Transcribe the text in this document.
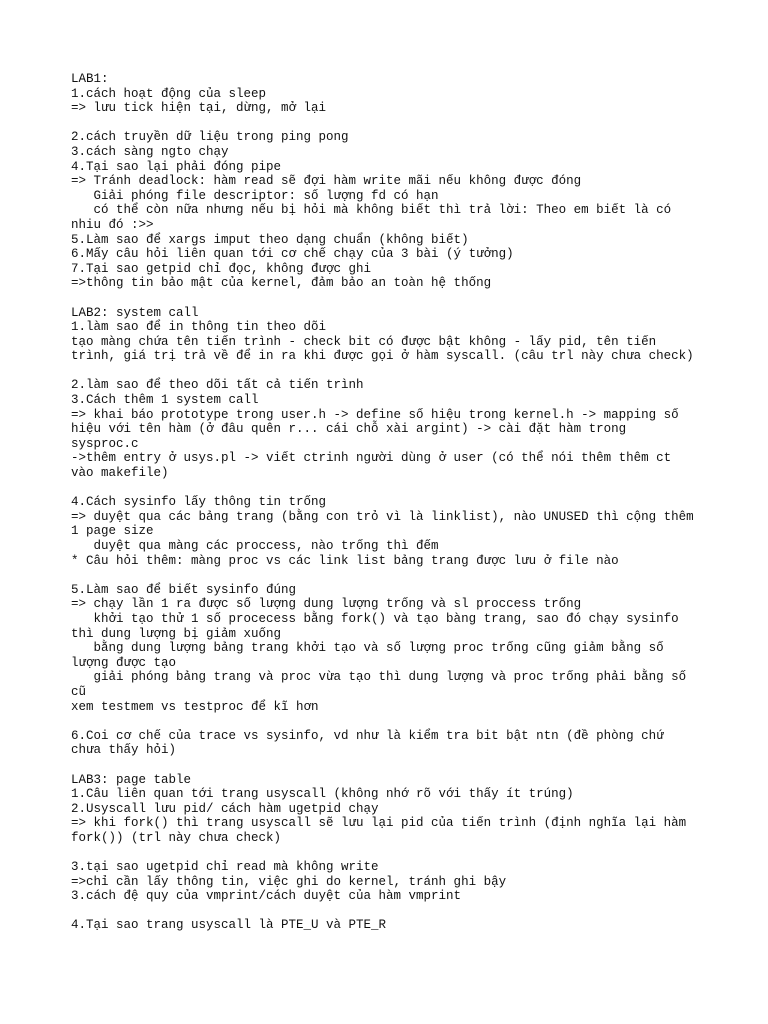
LAB1:
1.cách hoạt động của sleep
=> lưu tick hiện tại, dừng, mở lại
2.cách truyền dữ liệu trong ping pong
3.cách sàng ngto chạy
4.Tại sao lại phải đóng pipe
=> Tránh deadlock: hàm read sẽ đợi hàm write mãi nếu không được đóng
Giải phóng file descriptor: số lượng fd có hạn
có thể còn nữa nhưng nếu bị hỏi mà không biết thì trả lời: Theo em biết là có
nhiu đó :>>
5.Làm sao để xargs imput theo dạng chuẩn (không biết)
6.Mấy câu hỏi liên quan tới cơ chế chạy của 3 bài (ý tưởng)
7.Tại sao getpid chỉ đọc, không được ghi
=>thông tin bảo mật của kernel, đảm bảo an toàn hệ thống
LAB2: system call
1.làm sao để in thông tin theo dõi
tạo màng chứa tên tiến trình - check bit có được bật không - lấy pid, tên tiến
trình, giá trị trả về để in ra khi được gọi ở hàm syscall. (câu trl này chưa check)
2.làm sao để theo dõi tất cả tiến trình
3.Cách thêm 1 system call
=> khai báo prototype trong user.h -> define số hiệu trong kernel.h -> mapping số
hiệu với tên hàm (ở đâu quên r... cái chỗ xài argint) -> cài đặt hàm trong
sysproc.c
->thêm entry ở usys.pl -> viết ctrinh người dùng ở user (có thể nói thêm thêm ct
vào makefile)
4.Cách sysinfo lấy thông tin trống
=> duyệt qua các bảng trang (bằng con trỏ vì là linklist), nào UNUSED thì cộng thêm
1 page size
duyệt qua màng các proccess, nào trống thì đếm
* Câu hỏi thêm: màng proc vs các link list bảng trang được lưu ở file nào
5.Làm sao để biết sysinfo đúng
=> chạy lần 1 ra được số lượng dung lượng trống và sl proccess trống
khởi tạo thử 1 số procecess bằng fork() và tạo bàng trang, sao đó chạy sysinfo
thì dung lượng bị giảm xuống
bằng dung lượng bảng trang khởi tạo và số lượng proc trống cũng giảm bằng số
lượng được tạo
giải phóng bảng trang và proc vừa tạo thì dung lượng và proc trống phải bằng số
cũ
xem testmem vs testproc để kĩ hơn
6.Coi cơ chế của trace vs sysinfo, vd như là kiểm tra bit bật ntn (đề phòng chứ
chưa thấy hỏi)
LAB3: page table
1.Câu liên quan tới trang usyscall (không nhớ rõ với thấy ít trúng)
2.Usyscall lưu pid/ cách hàm ugetpid chạy
=> khi fork() thì trang usyscall sẽ lưu lại pid của tiến trình (định nghĩa lại hàm
fork()) (trl này chưa check)
3.tại sao ugetpid chỉ read mà không write
=>chỉ cần lấy thông tin, việc ghi do kernel, tránh ghi bậy
3.cách đệ quy của vmprint/cách duyệt của hàm vmprint
4.Tại sao trang usyscall là PTE_U và PTE_R
